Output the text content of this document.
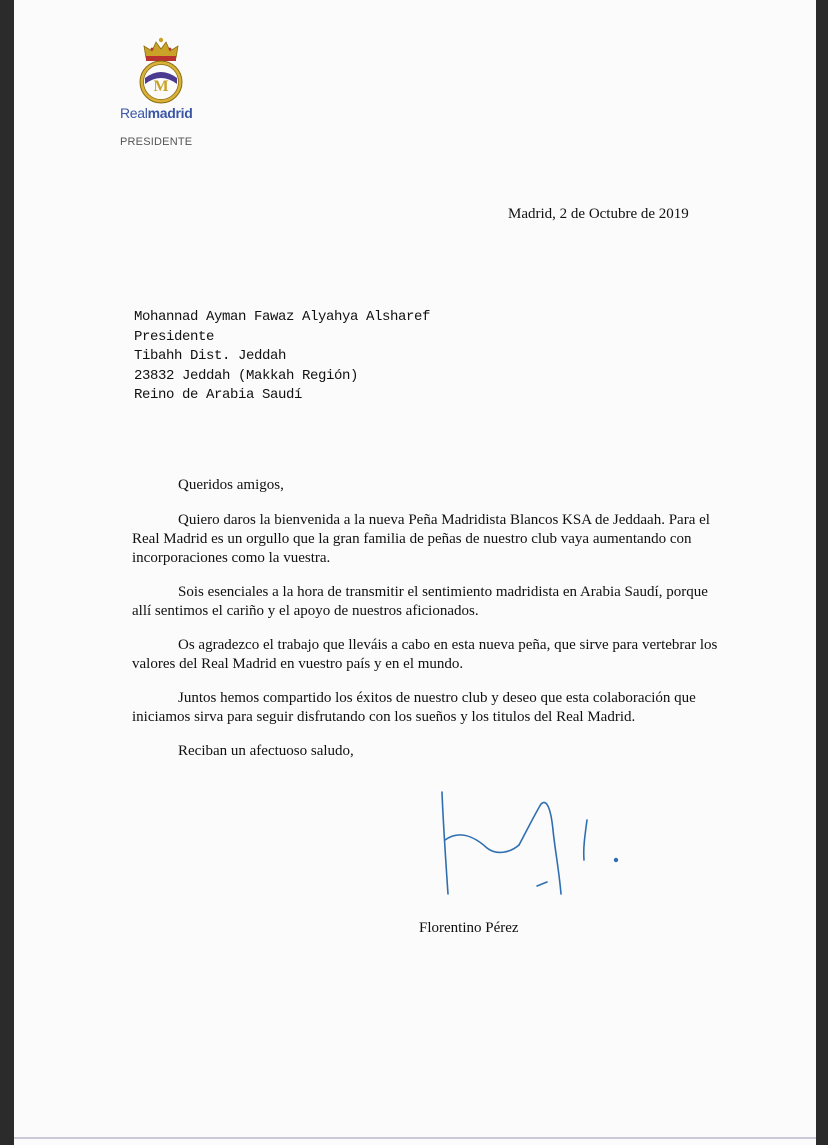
M
Realmadrid
PRESIDENTE
Madrid, 2 de Octubre de 2019
Mohannad Ayman Fawaz Alyahya Alsharef
Presidente
Tibahh Dist. Jeddah
23832 Jeddah (Makkah Región)
Reino de Arabia Saudí

Queridos amigos,

Quiero daros la bienvenida a la nueva Peña Madridista Blancos KSA de Jeddaah. Para el Real Madrid es un orgullo que la gran familia de peñas de nuestro club vaya aumentando con incorporaciones como la vuestra.

Sois esenciales a la hora de transmitir el sentimiento madridista en Arabia Saudí, porque allí sentimos el cariño y el apoyo de nuestros aficionados.

Os agradezco el trabajo que lleváis a cabo en esta nueva peña, que sirve para vertebrar los valores del Real Madrid en vuestro país y en el mundo.

Juntos hemos compartido los éxitos de nuestro club y deseo que esta colaboración que iniciamos sirva para seguir disfrutando con los sueños y los titulos del Real Madrid.

Reciban un afectuoso saludo,

Florentino Pérez
